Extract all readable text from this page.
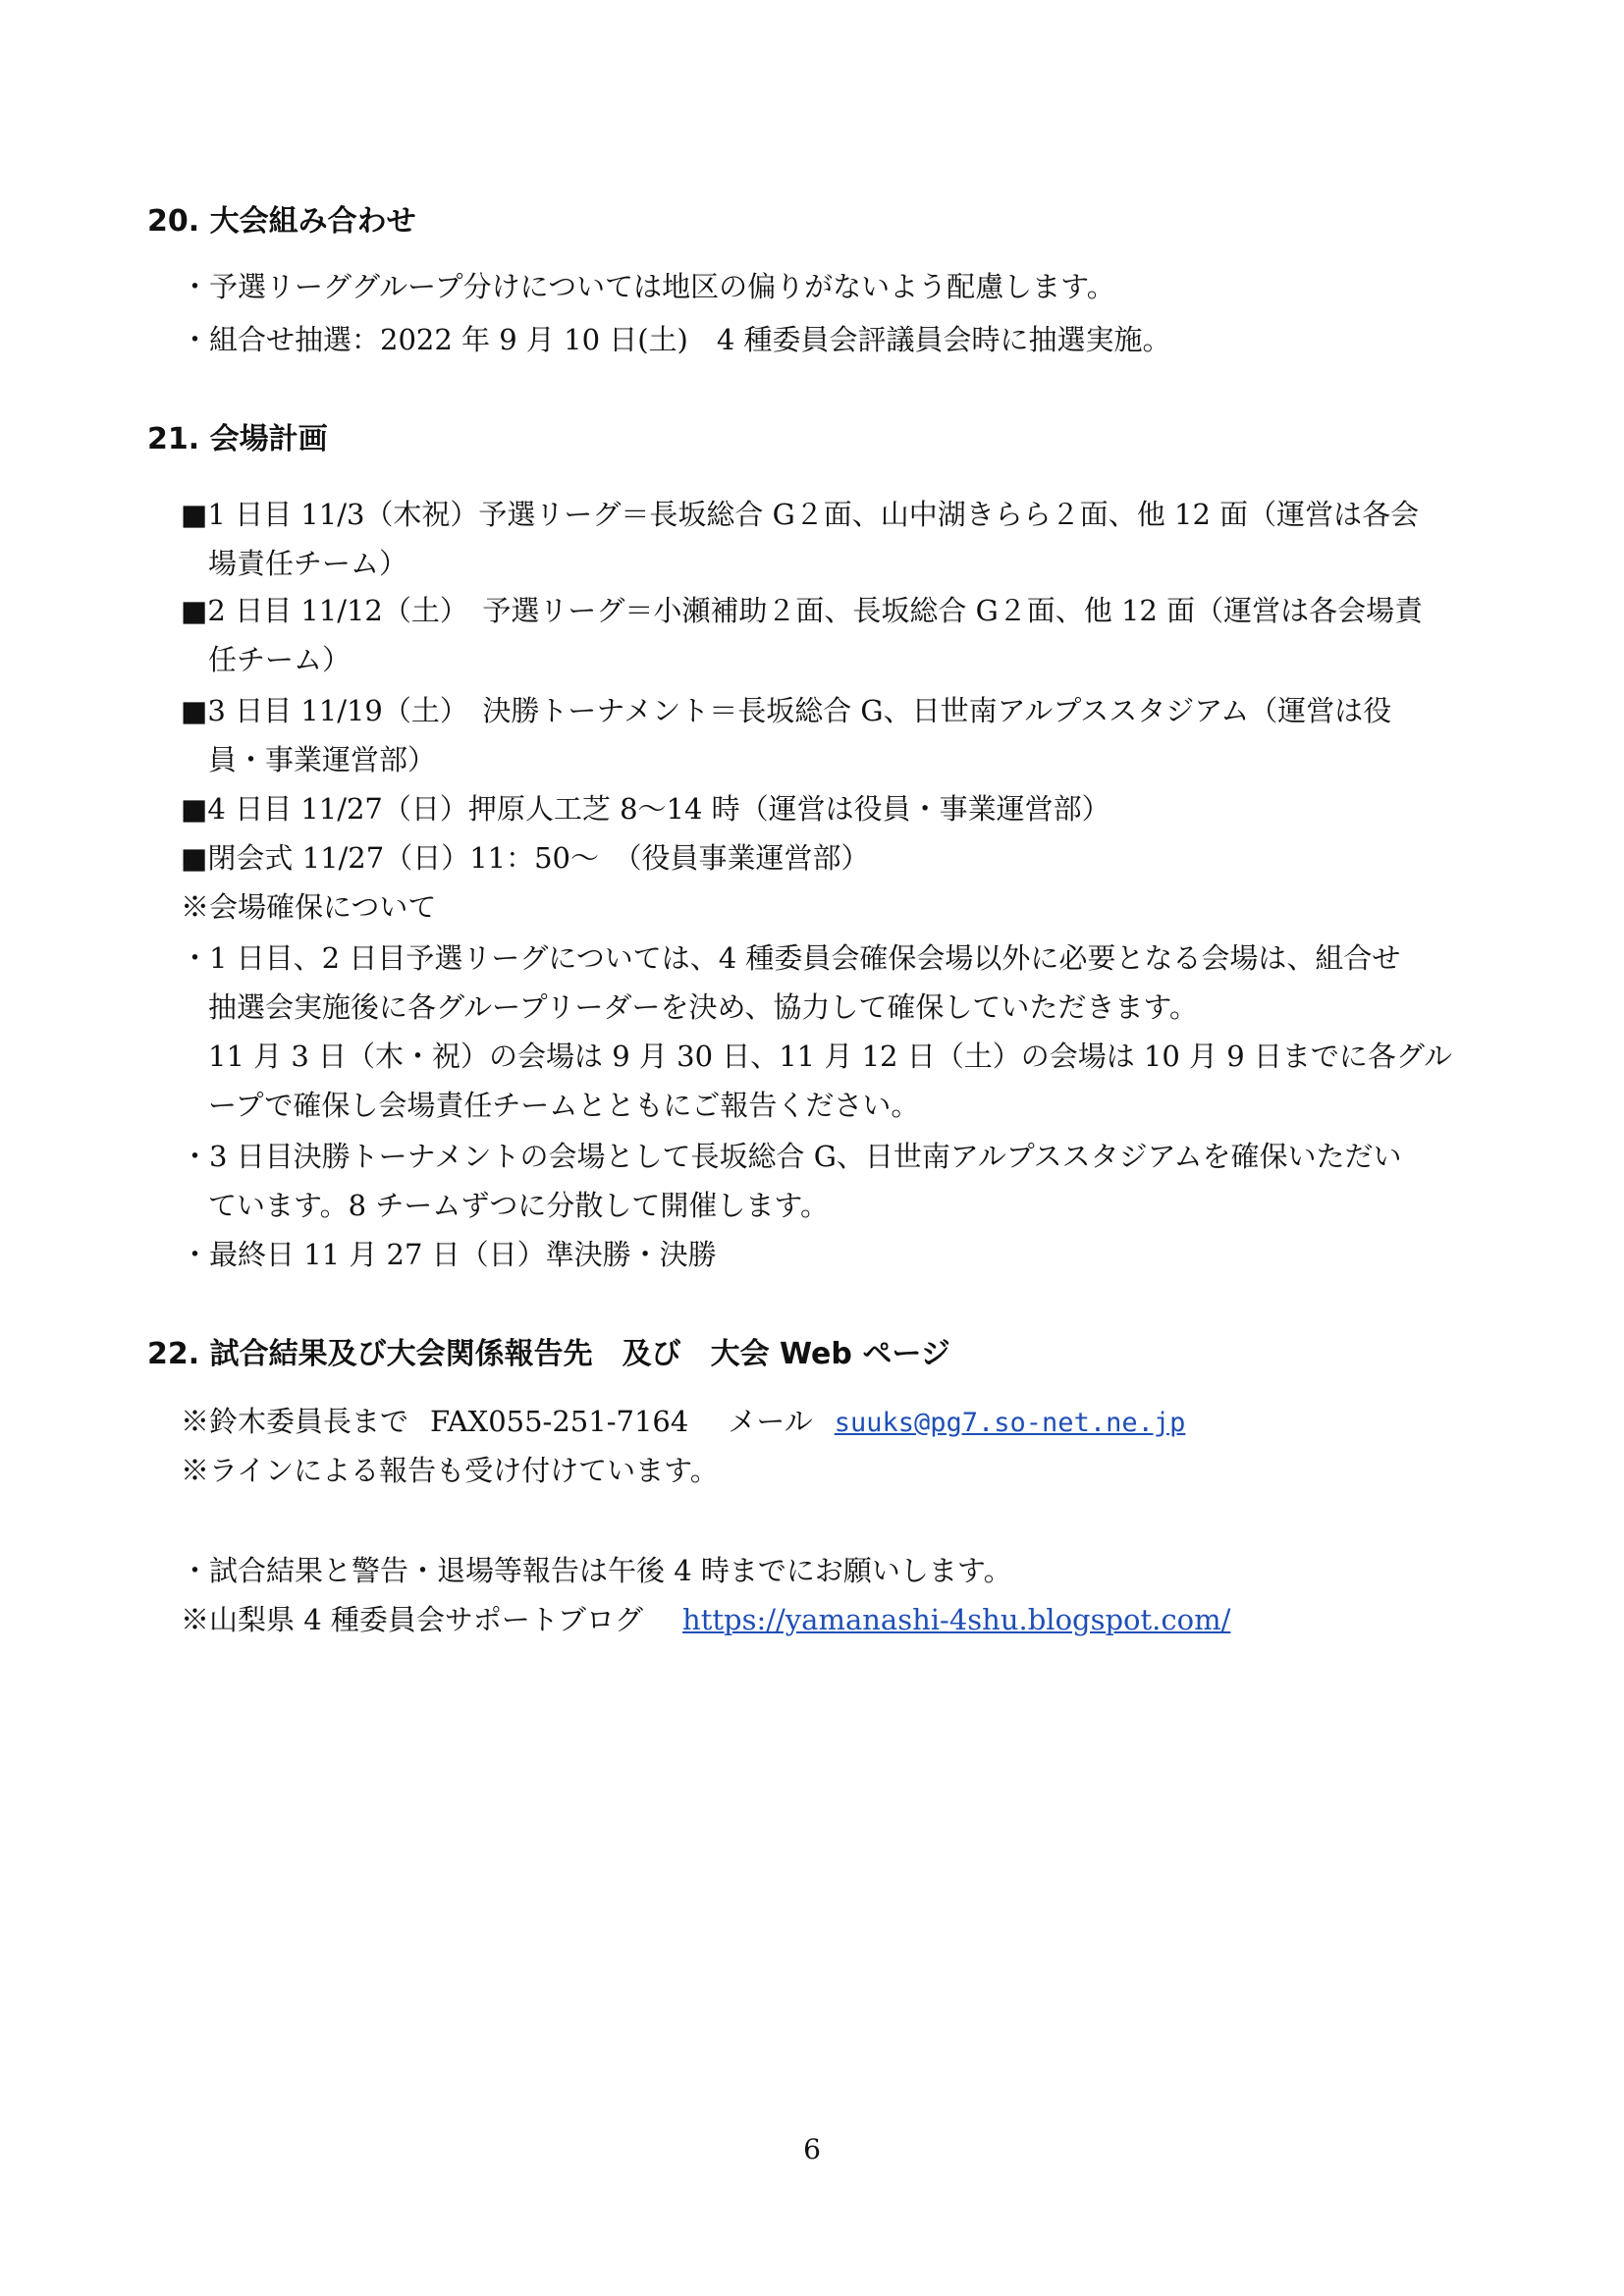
20. 大会組み合わせ
・予選リーググループ分けについては地区の偏りがないよう配慮します。
・組合せ抽選：2022 年 9 月 10 日(土)　4 種委員会評議員会時に抽選実施。
21. 会場計画
■1 日目 11/3（木祝）予選リーグ＝長坂総合 G２面、山中湖きらら２面、他 12 面（運営は各会
場責任チーム）
■2 日目 11/12（土）　予選リーグ＝小瀬補助２面、長坂総合 G２面、他 12 面（運営は各会場責
任チーム）
■3 日目 11/19（土）　決勝トーナメント＝長坂総合 G、日世南アルプススタジアム（運営は役
員・事業運営部）
■4 日目 11/27（日）押原人工芝 8～14 時（運営は役員・事業運営部）
■閉会式 11/27（日）11：50～　（役員事業運営部）
※会場確保について
・1 日目、2 日目予選リーグについては、4 種委員会確保会場以外に必要となる会場は、組合せ
抽選会実施後に各グループリーダーを決め、協力して確保していただきます。
11 月 3 日（木・祝）の会場は 9 月 30 日、11 月 12 日（土）の会場は 10 月 9 日までに各グル
ープで確保し会場責任チームとともにご報告ください。
・3 日目決勝トーナメントの会場として長坂総合 G、日世南アルプススタジアムを確保いただい
ています。8 チームずつに分散して開催します。
・最終日 11 月 27 日（日）準決勝・決勝
22. 試合結果及び大会関係報告先　及び　大会 Web ページ
※鈴木委員長まで FAX055-251-7164 メール suuks@pg7.so-net.ne.jp
※ラインによる報告も受け付けています。
・試合結果と警告・退場等報告は午後 4 時までにお願いします。
※山梨県 4 種委員会サポートブログ https://yamanashi-4shu.blogspot.com/
6
